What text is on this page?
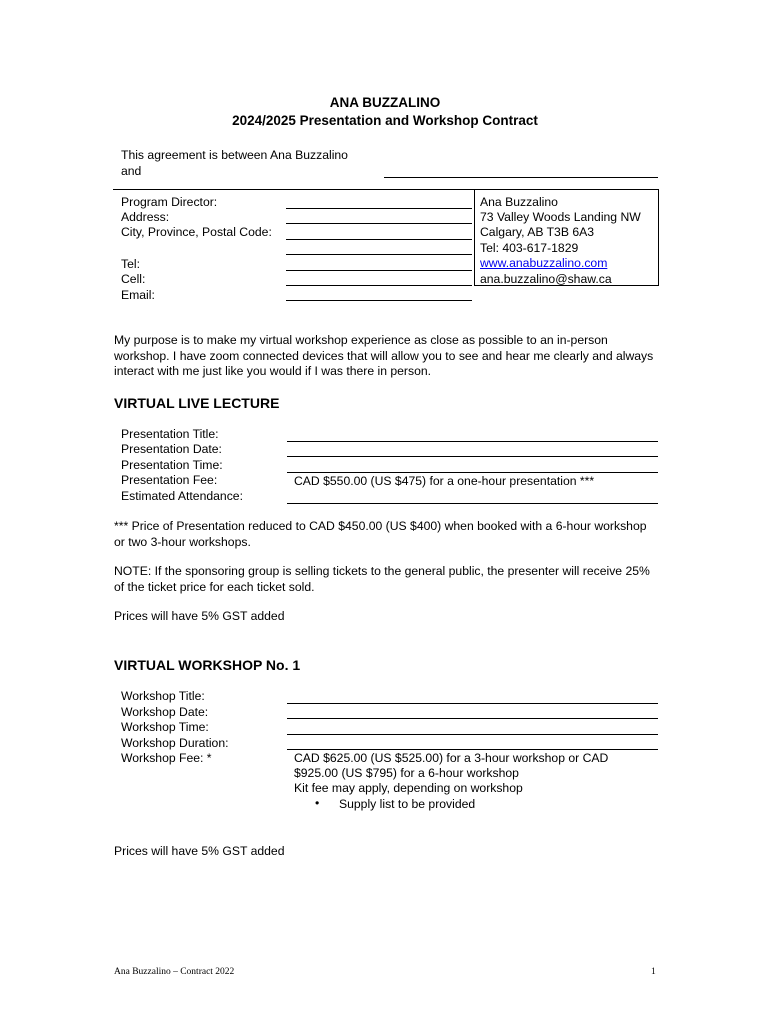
ANA BUZZALINO
2024/2025 Presentation and Workshop Contract
This agreement is between Ana Buzzalino
and
Program Director:
Address:
City, Province, Postal Code:
Tel:
Cell:
Email:
Ana Buzzalino
73 Valley Woods Landing NW
Calgary, AB T3B 6A3
Tel: 403-617-1829
www.anabuzzalino.com
ana.buzzalino@shaw.ca
My purpose is to make my virtual workshop experience as close as possible to an in-person workshop. I have zoom connected devices that will allow you to see and hear me clearly and always interact with me just like you would if I was there in person.
VIRTUAL LIVE LECTURE
Presentation Title:
Presentation Date:
Presentation Time:
Presentation Fee:
Estimated Attendance:
CAD $550.00 (US $475) for a one-hour presentation ***
*** Price of Presentation reduced to CAD $450.00 (US $400) when booked with a 6-hour workshop or two 3-hour workshops.
NOTE: If the sponsoring group is selling tickets to the general public, the presenter will receive 25% of the ticket price for each ticket sold.
Prices will have 5% GST added
VIRTUAL WORKSHOP No. 1
Workshop Title:
Workshop Date:
Workshop Time:
Workshop Duration:
Workshop Fee: *	CAD $625.00 (US $525.00) for a 3-hour workshop or CAD
$925.00 (US $795) for a 6-hour workshop
Kit fee may apply, depending on workshop
• Supply list to be provided
Prices will have 5% GST added
Ana Buzzalino – Contract 2022	1
